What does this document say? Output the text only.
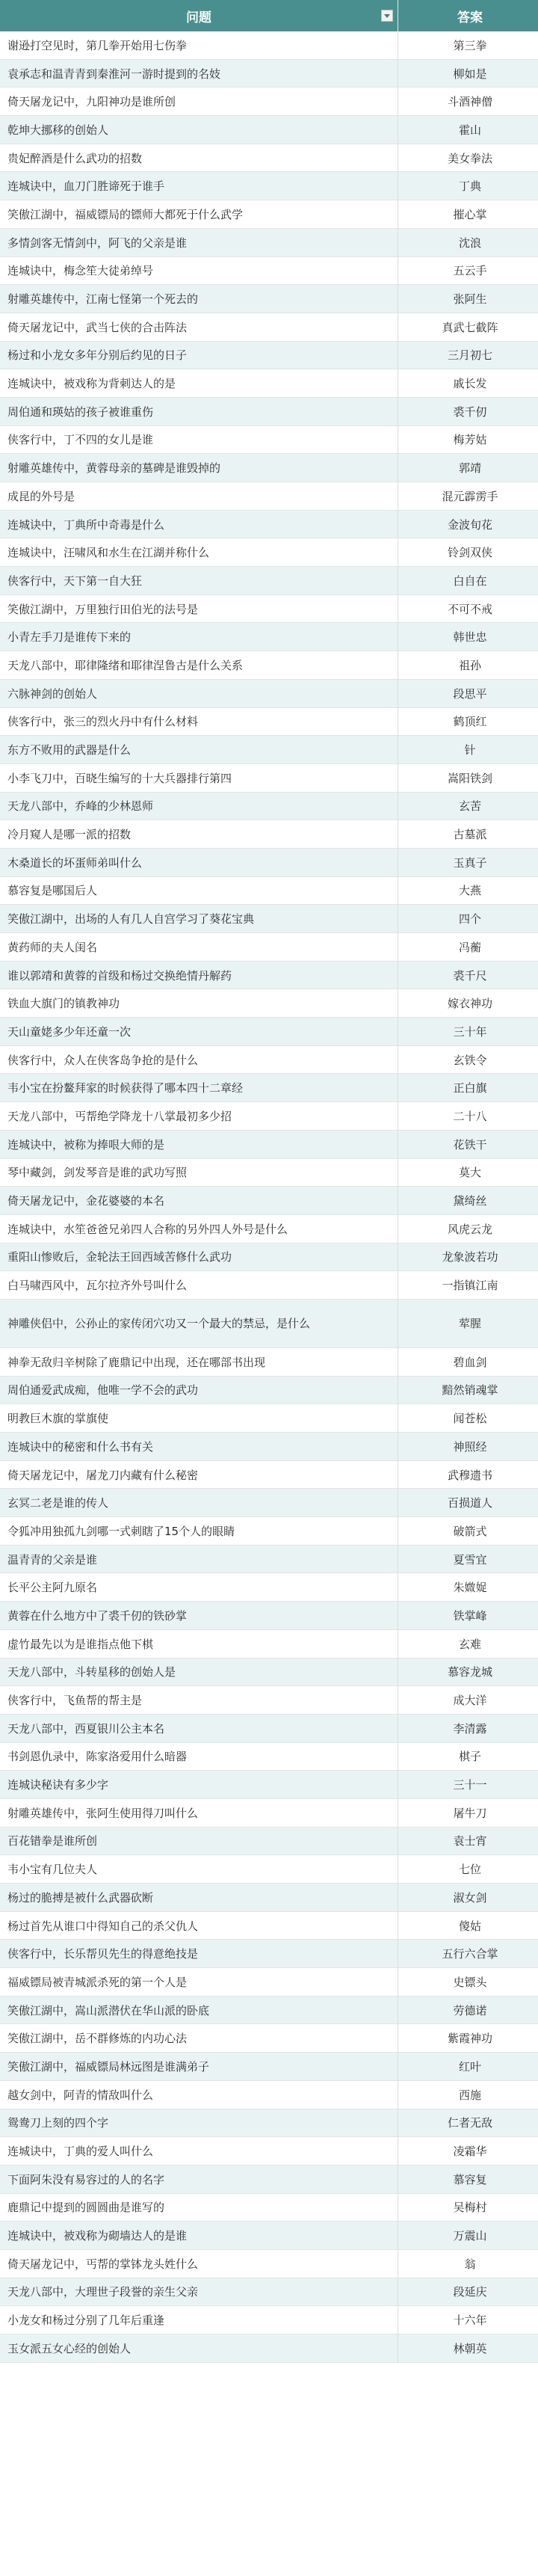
问题	答案
谢逊打空见时，第几拳开始用七伤拳	第三拳
袁承志和温青青到秦淮河一游时提到的名妓	柳如是
倚天屠龙记中，九阳神功是谁所创	斗酒神僧
乾坤大挪移的创始人	霍山
贵妃醉酒是什么武功的招数	美女拳法
连城诀中，血刀门胜谛死于谁手	丁典
笑傲江湖中，福威镖局的镖师大都死于什么武学	摧心掌
多情剑客无情剑中，阿飞的父亲是谁	沈浪
连城诀中，梅念笙大徒弟绰号	五云手
射雕英雄传中，江南七怪第一个死去的	张阿生
倚天屠龙记中，武当七侠的合击阵法	真武七截阵
杨过和小龙女多年分别后约见的日子	三月初七
连城诀中，被戏称为背刺达人的是	戚长发
周伯通和瑛姑的孩子被谁重伤	裘千仞
侠客行中，丁不四的女儿是谁	梅芳姑
射雕英雄传中，黄蓉母亲的墓碑是谁毁掉的	郭靖
成昆的外号是	混元霹雳手
连城诀中，丁典所中奇毒是什么	金波旬花
连城诀中，汪啸风和水生在江湖并称什么	铃剑双侠
侠客行中，天下第一自大狂	白自在
笑傲江湖中，万里独行田伯光的法号是	不可不戒
小青左手刀是谁传下来的	韩世忠
天龙八部中，耶律隆绪和耶律涅鲁古是什么关系	祖孙
六脉神剑的创始人	段思平
侠客行中，张三的烈火丹中有什么材料	鹤顶红
东方不败用的武器是什么	针
小李飞刀中，百晓生编写的十大兵器排行第四	嵩阳铁剑
天龙八部中，乔峰的少林恩师	玄苦
冷月窥人是哪一派的招数	古墓派
木桑道长的坏蛋师弟叫什么	玉真子
慕容复是哪国后人	大燕
笑傲江湖中，出场的人有几人自宫学习了葵花宝典	四个
黄药师的夫人闺名	冯蘅
谁以郭靖和黄蓉的首级和杨过交换绝情丹解药	裘千尺
铁血大旗门的镇教神功	嫁衣神功
天山童姥多少年还童一次	三十年
侠客行中，众人在侠客岛争抢的是什么	玄铁令
韦小宝在扮鳌拜家的时候获得了哪本四十二章经	正白旗
天龙八部中，丐帮绝学降龙十八掌最初多少招	二十八
连城诀中，被称为捧哏大师的是	花铁干
琴中藏剑，剑发琴音是谁的武功写照	莫大
倚天屠龙记中，金花婆婆的本名	黛绮丝
连城诀中，水笙爸爸兄弟四人合称的另外四人外号是什么	风虎云龙
重阳山惨败后，金轮法王回西域苦修什么武功	龙象波若功
白马啸西风中，瓦尔拉齐外号叫什么	一指镇江南
神雕侠侣中，公孙止的家传闭穴功又一个最大的禁忌，是什么	荤腥
神拳无敌归辛树除了鹿鼎记中出现，还在哪部书出现	碧血剑
周伯通爱武成痴，他唯一学不会的武功	黯然销魂掌
明教巨木旗的掌旗使	闻苍松
连城诀中的秘密和什么书有关	神照经
倚天屠龙记中，屠龙刀内藏有什么秘密	武穆遗书
玄冥二老是谁的传人	百损道人
令狐冲用独孤九剑哪一式刺瞎了15个人的眼睛	破箭式
温青青的父亲是谁	夏雪宜
长平公主阿九原名	朱媺娖
黄蓉在什么地方中了裘千仞的铁砂掌	铁掌峰
虚竹最先以为是谁指点他下棋	玄难
天龙八部中，斗转星移的创始人是	慕容龙城
侠客行中，飞鱼帮的帮主是	成大洋
天龙八部中，西夏银川公主本名	李清露
书剑恩仇录中，陈家洛爱用什么暗器	棋子
连城诀秘诀有多少字	三十一
射雕英雄传中，张阿生使用得刀叫什么	屠牛刀
百花错拳是谁所创	袁士宵
韦小宝有几位夫人	七位
杨过的脆搏是被什么武器砍断	淑女剑
杨过首先从谁口中得知自己的杀父仇人	傻姑
侠客行中，长乐帮贝先生的得意绝技是	五行六合掌
福威镖局被青城派杀死的第一个人是	史镖头
笑傲江湖中，嵩山派潜伏在华山派的卧底	劳德诺
笑傲江湖中，岳不群修炼的内功心法	紫霞神功
笑傲江湖中，福威镖局林远图是谁满弟子	红叶
越女剑中，阿青的情敌叫什么	西施
鸳鸯刀上刻的四个字	仁者无敌
连城诀中，丁典的爱人叫什么	凌霜华
下面阿朱没有易容过的人的名字	慕容复
鹿鼎记中提到的圆圆曲是谁写的	吴梅村
连城诀中，被戏称为砌墙达人的是谁	万震山
倚天屠龙记中，丐帮的掌钵龙头姓什么	翁
天龙八部中，大理世子段誉的亲生父亲	段延庆
小龙女和杨过分别了几年后重逢	十六年
玉女派五女心经的创始人	林朝英
